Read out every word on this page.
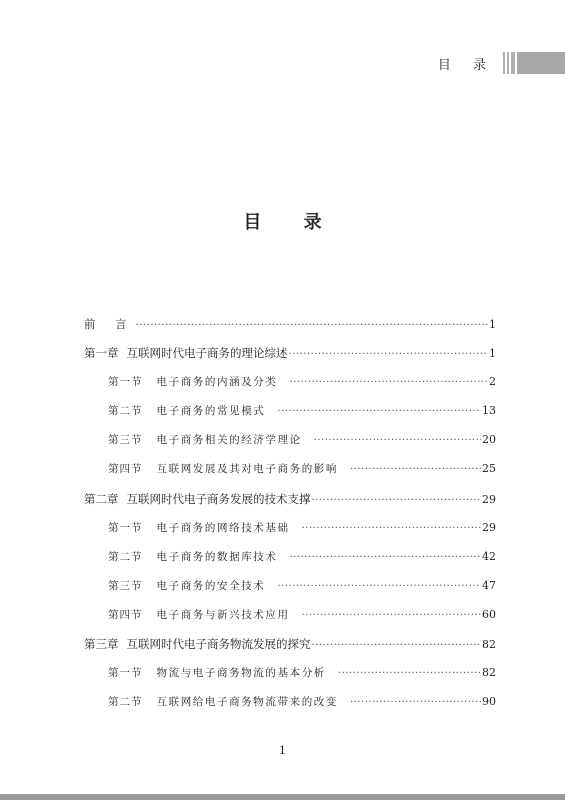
目 录
目 录
前 言 ·····	1
第一章 互联网时代电子商务的理论综述 ·····	1
第一节 电子商务的内涵及分类 ·····	2
第二节 电子商务的常见模式 ·····	13
第三节 电子商务相关的经济学理论 ·····	20
第四节 互联网发展及其对电子商务的影响 ·····	25
第二章 互联网时代电子商务发展的技术支撑 ·····	29
第一节 电子商务的网络技术基础 ·····	29
第二节 电子商务的数据库技术 ·····	42
第三节 电子商务的安全技术 ·····	47
第四节 电子商务与新兴技术应用 ·····	60
第三章 互联网时代电子商务物流发展的探究 ·····	82
第一节 物流与电子商务物流的基本分析 ·····	82
第二节 互联网给电子商务物流带来的改变 ·····	90
1
